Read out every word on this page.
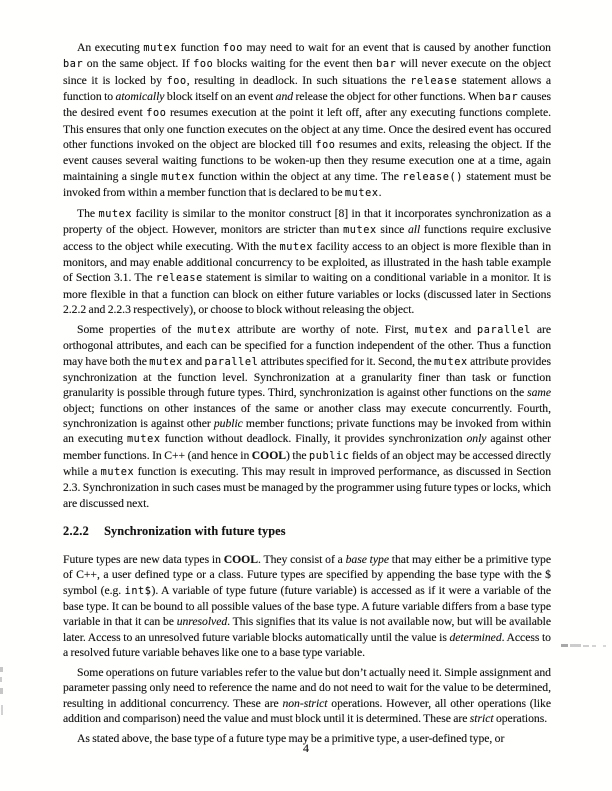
An executing mutex function foo may need to wait for an event that is caused by another function bar on the same object. If foo blocks waiting for the event then bar will never execute on the object since it is locked by foo, resulting in deadlock. In such situations the release statement allows a function to atomically block itself on an event and release the object for other functions. When bar causes the desired event foo resumes execution at the point it left off, after any executing functions complete. This ensures that only one function executes on the object at any time. Once the desired event has occured other functions invoked on the object are blocked till foo resumes and exits, releasing the object. If the event causes several waiting functions to be woken-up then they resume execution one at a time, again maintaining a single mutex function within the object at any time. The release() statement must be invoked from within a member function that is declared to be mutex.

The mutex facility is similar to the monitor construct [8] in that it incorporates synchronization as a property of the object. However, monitors are stricter than mutex since all functions require exclusive access to the object while executing. With the mutex facility access to an object is more flexible than in monitors, and may enable additional concurrency to be exploited, as illustrated in the hash table example of Section 3.1. The release statement is similar to waiting on a conditional variable in a monitor. It is more flexible in that a function can block on either future variables or locks (discussed later in Sections 2.2.2 and 2.2.3 respectively), or choose to block without releasing the object.

Some properties of the mutex attribute are worthy of note. First, mutex and parallel are orthogonal attributes, and each can be specified for a function independent of the other. Thus a function may have both the mutex and parallel attributes specified for it. Second, the mutex attribute provides synchronization at the function level. Synchronization at a granularity finer than task or function granularity is possible through future types. Third, synchronization is against other functions on the same object; functions on other instances of the same or another class may execute concurrently. Fourth, synchronization is against other public member functions; private functions may be invoked from within an executing mutex function without deadlock. Finally, it provides synchronization only against other member functions. In C++ (and hence in COOL) the public fields of an object may be accessed directly while a mutex function is executing. This may result in improved performance, as discussed in Section 2.3. Synchronization in such cases must be managed by the programmer using future types or locks, which are discussed next.

2.2.2 Synchronization with future types

Future types are new data types in COOL. They consist of a base type that may either be a primitive type of C++, a user defined type or a class. Future types are specified by appending the base type with the $ symbol (e.g. int$). A variable of type future (future variable) is accessed as if it were a variable of the base type. It can be bound to all possible values of the base type. A future variable differs from a base type variable in that it can be unresolved. This signifies that its value is not available now, but will be available later. Access to an unresolved future variable blocks automatically until the value is determined. Access to a resolved future variable behaves like one to a base type variable.

Some operations on future variables refer to the value but don’t actually need it. Simple assignment and parameter passing only need to reference the name and do not need to wait for the value to be determined, resulting in additional concurrency. These are non-strict operations. However, all other operations (like addition and comparison) need the value and must block until it is determined. These are strict operations.

As stated above, the base type of a future type may be a primitive type, a user-defined type, or

4
